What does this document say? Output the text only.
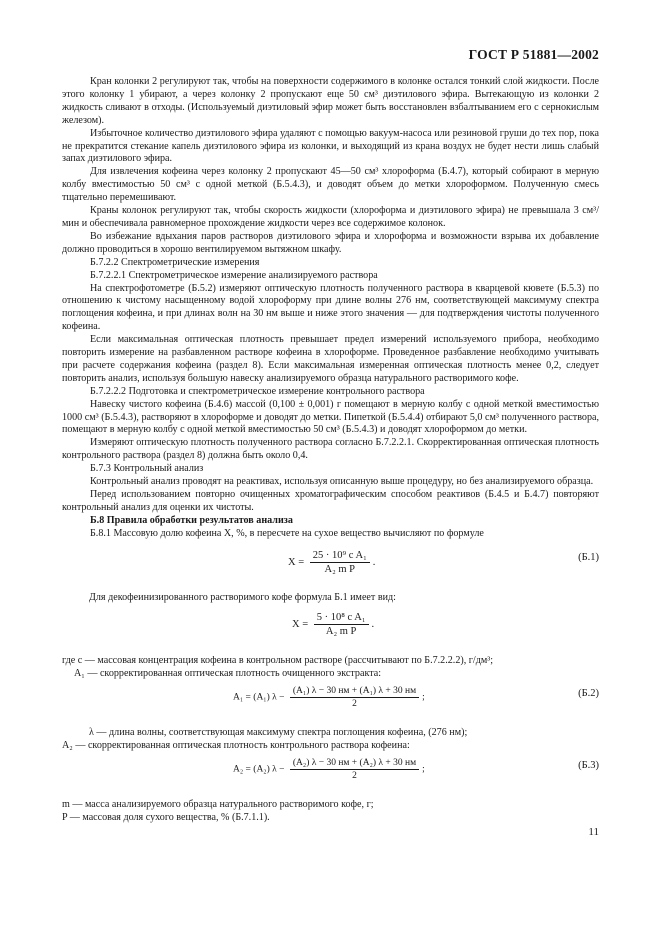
ГОСТ Р 51881—2002

Кран колонки 2 регулируют так, чтобы на поверхности содержимого в колонке остался тонкий слой жидкости. После этого колонку 1 убирают, а через колонку 2 пропускают еще 50 см³ диэтилового эфира. Вытекающую из колонки 2 жидкость сливают в отходы. (Используемый диэтиловый эфир может быть восстановлен взбалтыванием его с сернокислым железом).

Избыточное количество диэтилового эфира удаляют с помощью вакуум-насоса или резиновой груши до тех пор, пока не прекратится стекание капель диэтилового эфира из колонки, и выходящий из крана воздух не будет нести лишь слабый запах диэтилового эфира.

Для извлечения кофеина через колонку 2 пропускают 45—50 см³ хлороформа (Б.4.7), который собирают в мерную колбу вместимостью 50 см³ с одной меткой (Б.5.4.3), и доводят объем до метки хлороформом. Полученную смесь тщательно перемешивают.

Краны колонок регулируют так, чтобы скорость жидкости (хлороформа и диэтилового эфира) не превышала 3 см³/мин и обеспечивала равномерное прохождение жидкости через все содержимое колонок.

Во избежание вдыхания паров растворов диэтилового эфира и хлороформа и возможности взрыва их добавление должно проводиться в хорошо вентилируемом вытяжном шкафу.

Б.7.2.2 Спектрометрические измерения

Б.7.2.2.1 Спектрометрическое измерение анализируемого раствора

На спектрофотометре (Б.5.2) измеряют оптическую плотность полученного раствора в кварцевой кювете (Б.5.3) по отношению к чистому насыщенному водой хлороформу при длине волны 276 нм, соответствующей максимуму спектра поглощения кофеина, и при длинах волн на 30 нм выше и ниже этого значения — для подтверждения чистоты полученного кофеина.

Если максимальная оптическая плотность превышает предел измерений используемого прибора, необходимо повторить измерение на разбавленном растворе кофеина в хлороформе. Проведенное разбавление необходимо учитывать при расчете содержания кофеина (раздел 8). Если максимальная измеренная оптическая плотность менее 0,2, следует повторить анализ, используя большую навеску анализируемого образца натурального растворимого кофе.

Б.7.2.2.2 Подготовка и спектрометрическое измерение контрольного раствора

Навеску чистого кофеина (Б.4.6) массой (0,100 ± 0,001) г помещают в мерную колбу с одной меткой вместимостью 1000 см³ (Б.5.4.3), растворяют в хлороформе и доводят до метки. Пипеткой (Б.5.4.4) отбирают 5,0 см³ полученного раствора, помещают в мерную колбу с одной меткой вместимостью 50 см³ (Б.5.4.3) и доводят хлороформом до метки.

Измеряют оптическую плотность полученного раствора согласно Б.7.2.2.1. Скорректированная оптическая плотность контрольного раствора (раздел 8) должна быть около 0,4.

Б.7.3 Контрольный анализ

Контрольный анализ проводят на реактивах, используя описанную выше процедуру, но без анализируемого образца.

Перед использованием повторно очищенных хроматографическим способом реактивов (Б.4.5 и Б.4.7) повторяют контрольный анализ для оценки их чистоты.

Б.8 Правила обработки результатов анализа

Б.8.1 Массовую долю кофеина X, %, в пересчете на сухое вещество вычисляют по формуле

$X = \frac{\text{25 · 10⁹ c A₁}}{\text{A₂ m P}}$ .	(Б.1)
Для декофеинизированного растворимого кофе формула Б.1 имеет вид:
$X = \frac{\text{5 · 10⁸ c A₁}}{\text{A₂ m P}}$ .
где c — массовая концентрация кофеина в контрольном растворе (рассчитывают по Б.7.2.2.2), г/дм³;
A₁ — скорректированная оптическая плотность очищенного экстракта:
A₁ = (A₁) $\lambda - \frac{\text{(A₁) λ − 30 нм + (A₁) λ + 30 нм}}{2}$ ;	(Б.2)
λ — длина волны, соответствующая максимуму спектра поглощения кофеина, (276 нм);
A₂ — скорректированная оптическая плотность контрольного раствора кофеина:
A₂ = (A₂) $\lambda - \frac{\text{(A₂) λ − 30 нм + (A₂) λ + 30 нм}}{2}$ ;	(Б.3)
m — масса анализируемого образца натурального растворимого кофе, г;
P — массовая доля сухого вещества, % (Б.7.1.1).
11
